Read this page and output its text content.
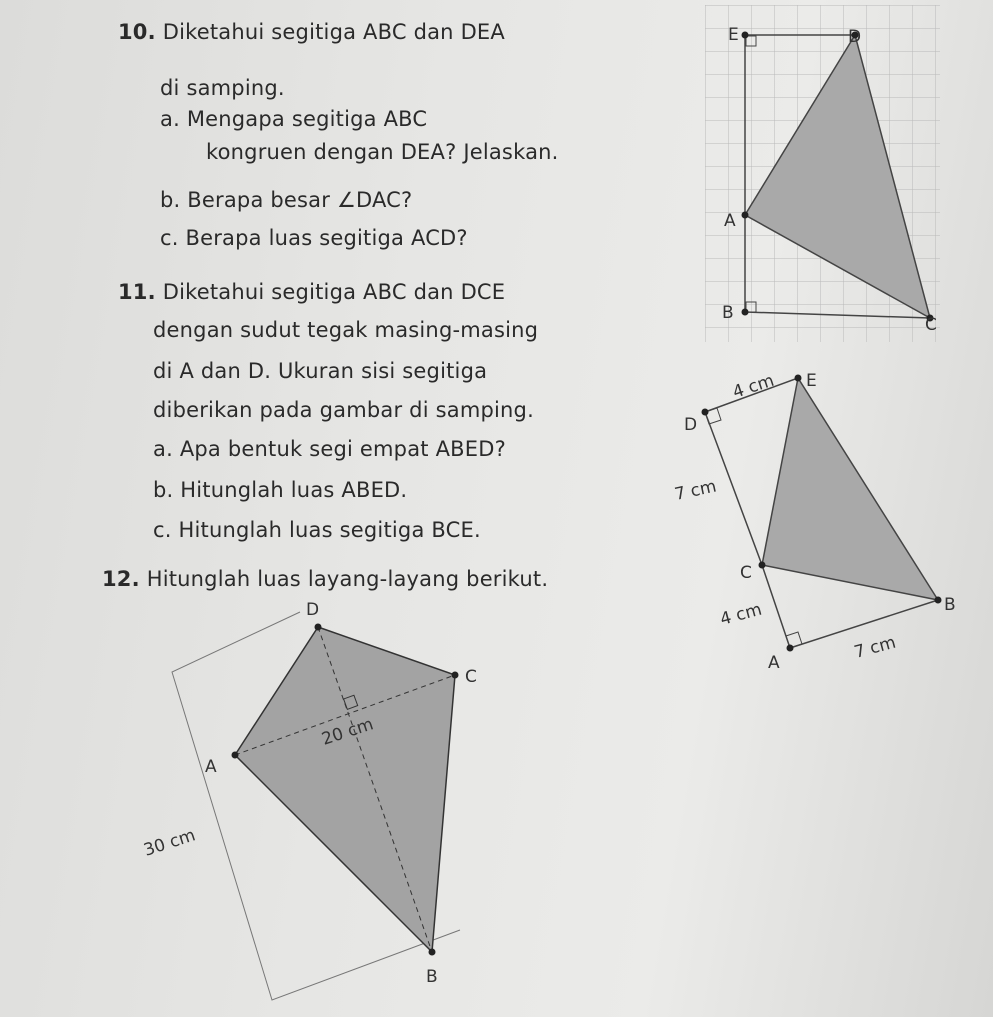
10. Diketahui segitiga ABC dan DEA
di samping.
a. Mengapa segitiga ABC
kongruen dengan DEA? Jelaskan.
b. Berapa besar ∠DAC?
c. Berapa luas segitiga ACD?
11. Diketahui segitiga ABC dan DCE
dengan sudut tegak masing-masing
di A dan D. Ukuran sisi segitiga
diberikan pada gambar di samping.
a. Apa bentuk segi empat ABED?
b. Hitunglah luas ABED.
c. Hitunglah luas segitiga BCE.
12. Hitunglah luas layang-layang berikut.
E	D
A
B
C
E
D
C
B
A
4 cm
7 cm
4 cm
7 cm
D
C
A
B
20 cm
30 cm
